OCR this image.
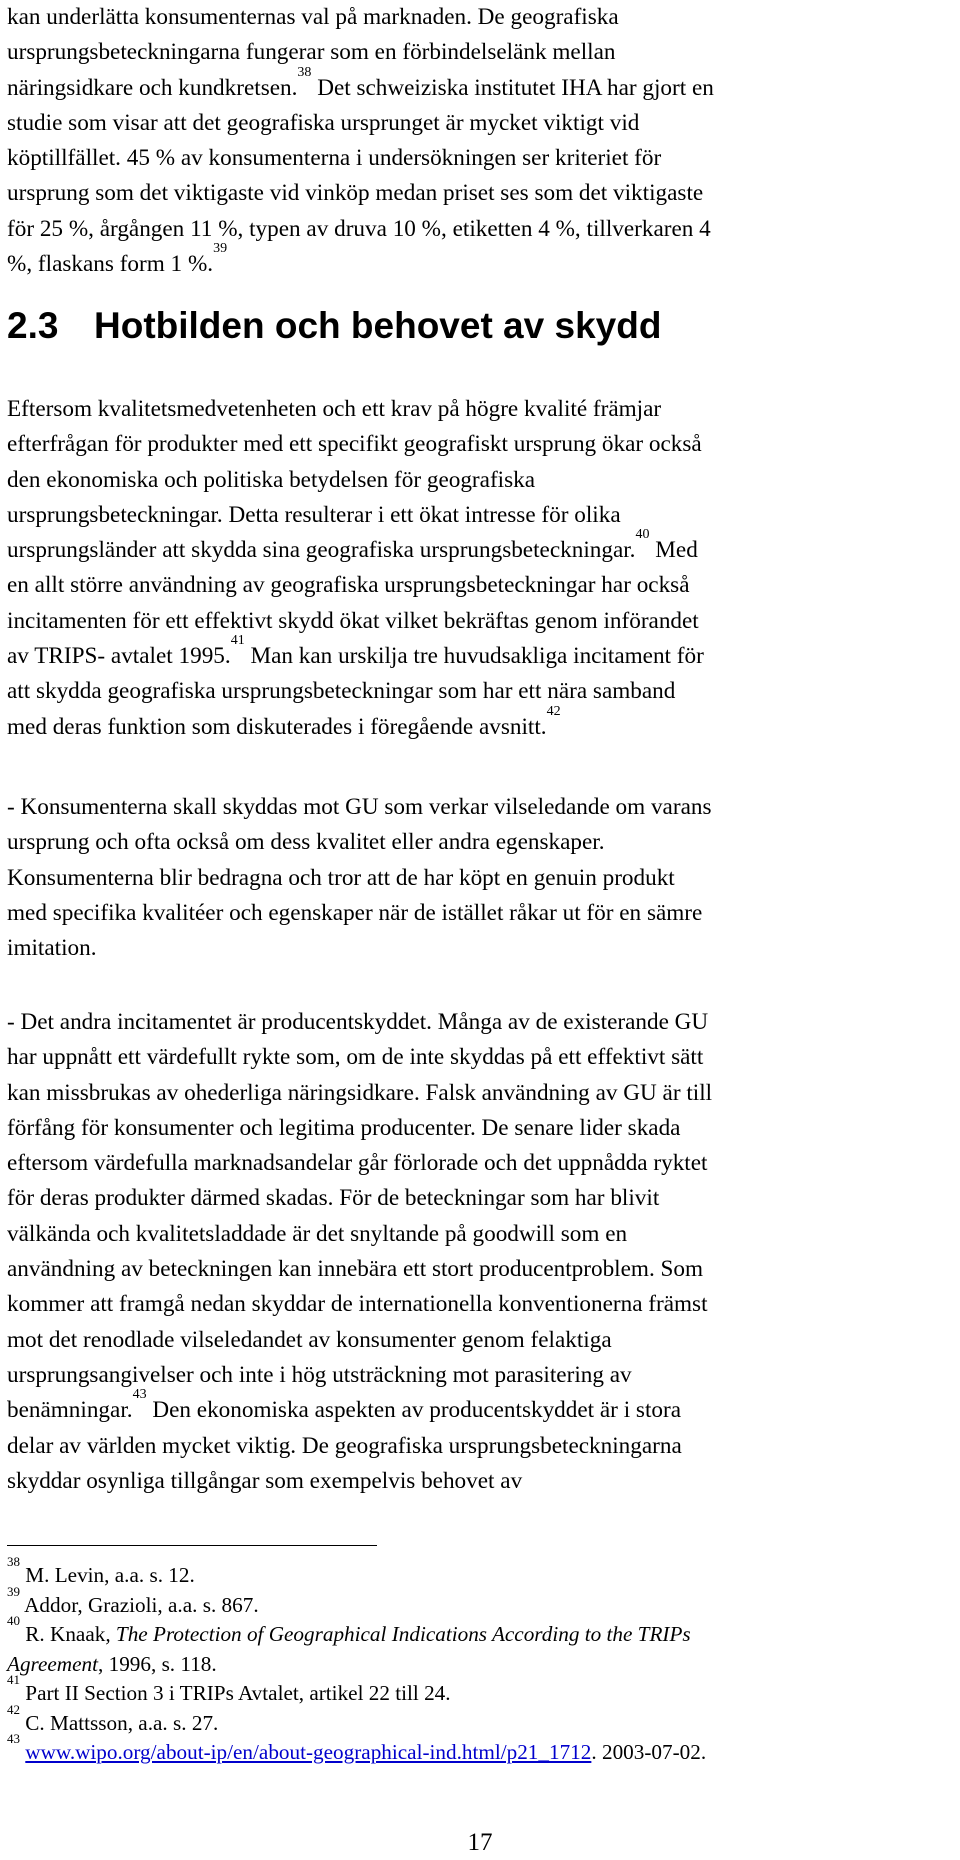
kan underlätta konsumenternas val på marknaden. De geografiska
ursprungsbeteckningarna fungerar som en förbindelselänk mellan
näringsidkare och kundkretsen.$^{38}$ Det schweiziska institutet IHA har gjort en
studie som visar att det geografiska ursprunget är mycket viktigt vid
köptillfället. 45 % av konsumenterna i undersökningen ser kriteriet för
ursprung som det viktigaste vid vinköp medan priset ses som det viktigaste
för 25 %, årgången 11 %, typen av druva 10 %, etiketten 4 %, tillverkaren 4
%, flaskans form 1 %.$^{39}$
2.3 Hotbilden och behovet av skydd
Eftersom kvalitetsmedvetenheten och ett krav på högre kvalité främjar
efterfrågan för produkter med ett specifikt geografiskt ursprung ökar också
den ekonomiska och politiska betydelsen för geografiska
ursprungsbeteckningar. Detta resulterar i ett ökat intresse för olika
ursprungsländer att skydda sina geografiska ursprungsbeteckningar.$^{40}$ Med
en allt större användning av geografiska ursprungsbeteckningar har också
incitamenten för ett effektivt skydd ökat vilket bekräftas genom införandet
av TRIPS- avtalet 1995.41 Man kan urskilja tre huvudsakliga incitament för
att skydda geografiska ursprungsbeteckningar som har ett nära samband
med deras funktion som diskuterades i föregående avsnitt.$^{42}$
- Konsumenterna skall skyddas mot GU som verkar vilseledande om varans
ursprung och ofta också om dess kvalitet eller andra egenskaper.
Konsumenterna blir bedragna och tror att de har köpt en genuin produkt
med specifika kvalitéer och egenskaper när de istället råkar ut för en sämre
imitation.
- Det andra incitamentet är producentskyddet. Många av de existerande GU
har uppnått ett värdefullt rykte som, om de inte skyddas på ett effektivt sätt
kan missbrukas av ohederliga näringsidkare. Falsk användning av GU är till
förfång för konsumenter och legitima producenter. De senare lider skada
eftersom värdefulla marknadsandelar går förlorade och det uppnådda ryktet
för deras produkter därmed skadas. För de beteckningar som har blivit
välkända och kvalitetsladdade är det snyltande på goodwill som en
användning av beteckningen kan innebära ett stort producentproblem. Som
kommer att framgå nedan skyddar de internationella konventionerna främst
mot det renodlade vilseledandet av konsumenter genom felaktiga
ursprungsangivelser och inte i hög utsträckning mot parasitering av
benämningar.$^{43}$ Den ekonomiska aspekten av producentskyddet är i stora
delar av världen mycket viktig. De geografiska ursprungsbeteckningarna
skyddar osynliga tillgångar som exempelvis behovet av
$^{38}$ M. Levin, a.a. s. 12.
$^{39}$ Addor, Grazioli, a.a. s. 867.
$^{40}$ R. Knaak, The Protection of Geographical Indications According to the TRIPs
Agreement, 1996, s. 118.
$^{41}$ Part II Section 3 i TRIPs Avtalet, artikel 22 till 24.
$^{42}$ C. Mattsson, a.a. s. 27.
$^{43}$ www.wipo.org/about-ip/en/about-geographical-ind.html/p21_1712. 2003-07-02.
17
